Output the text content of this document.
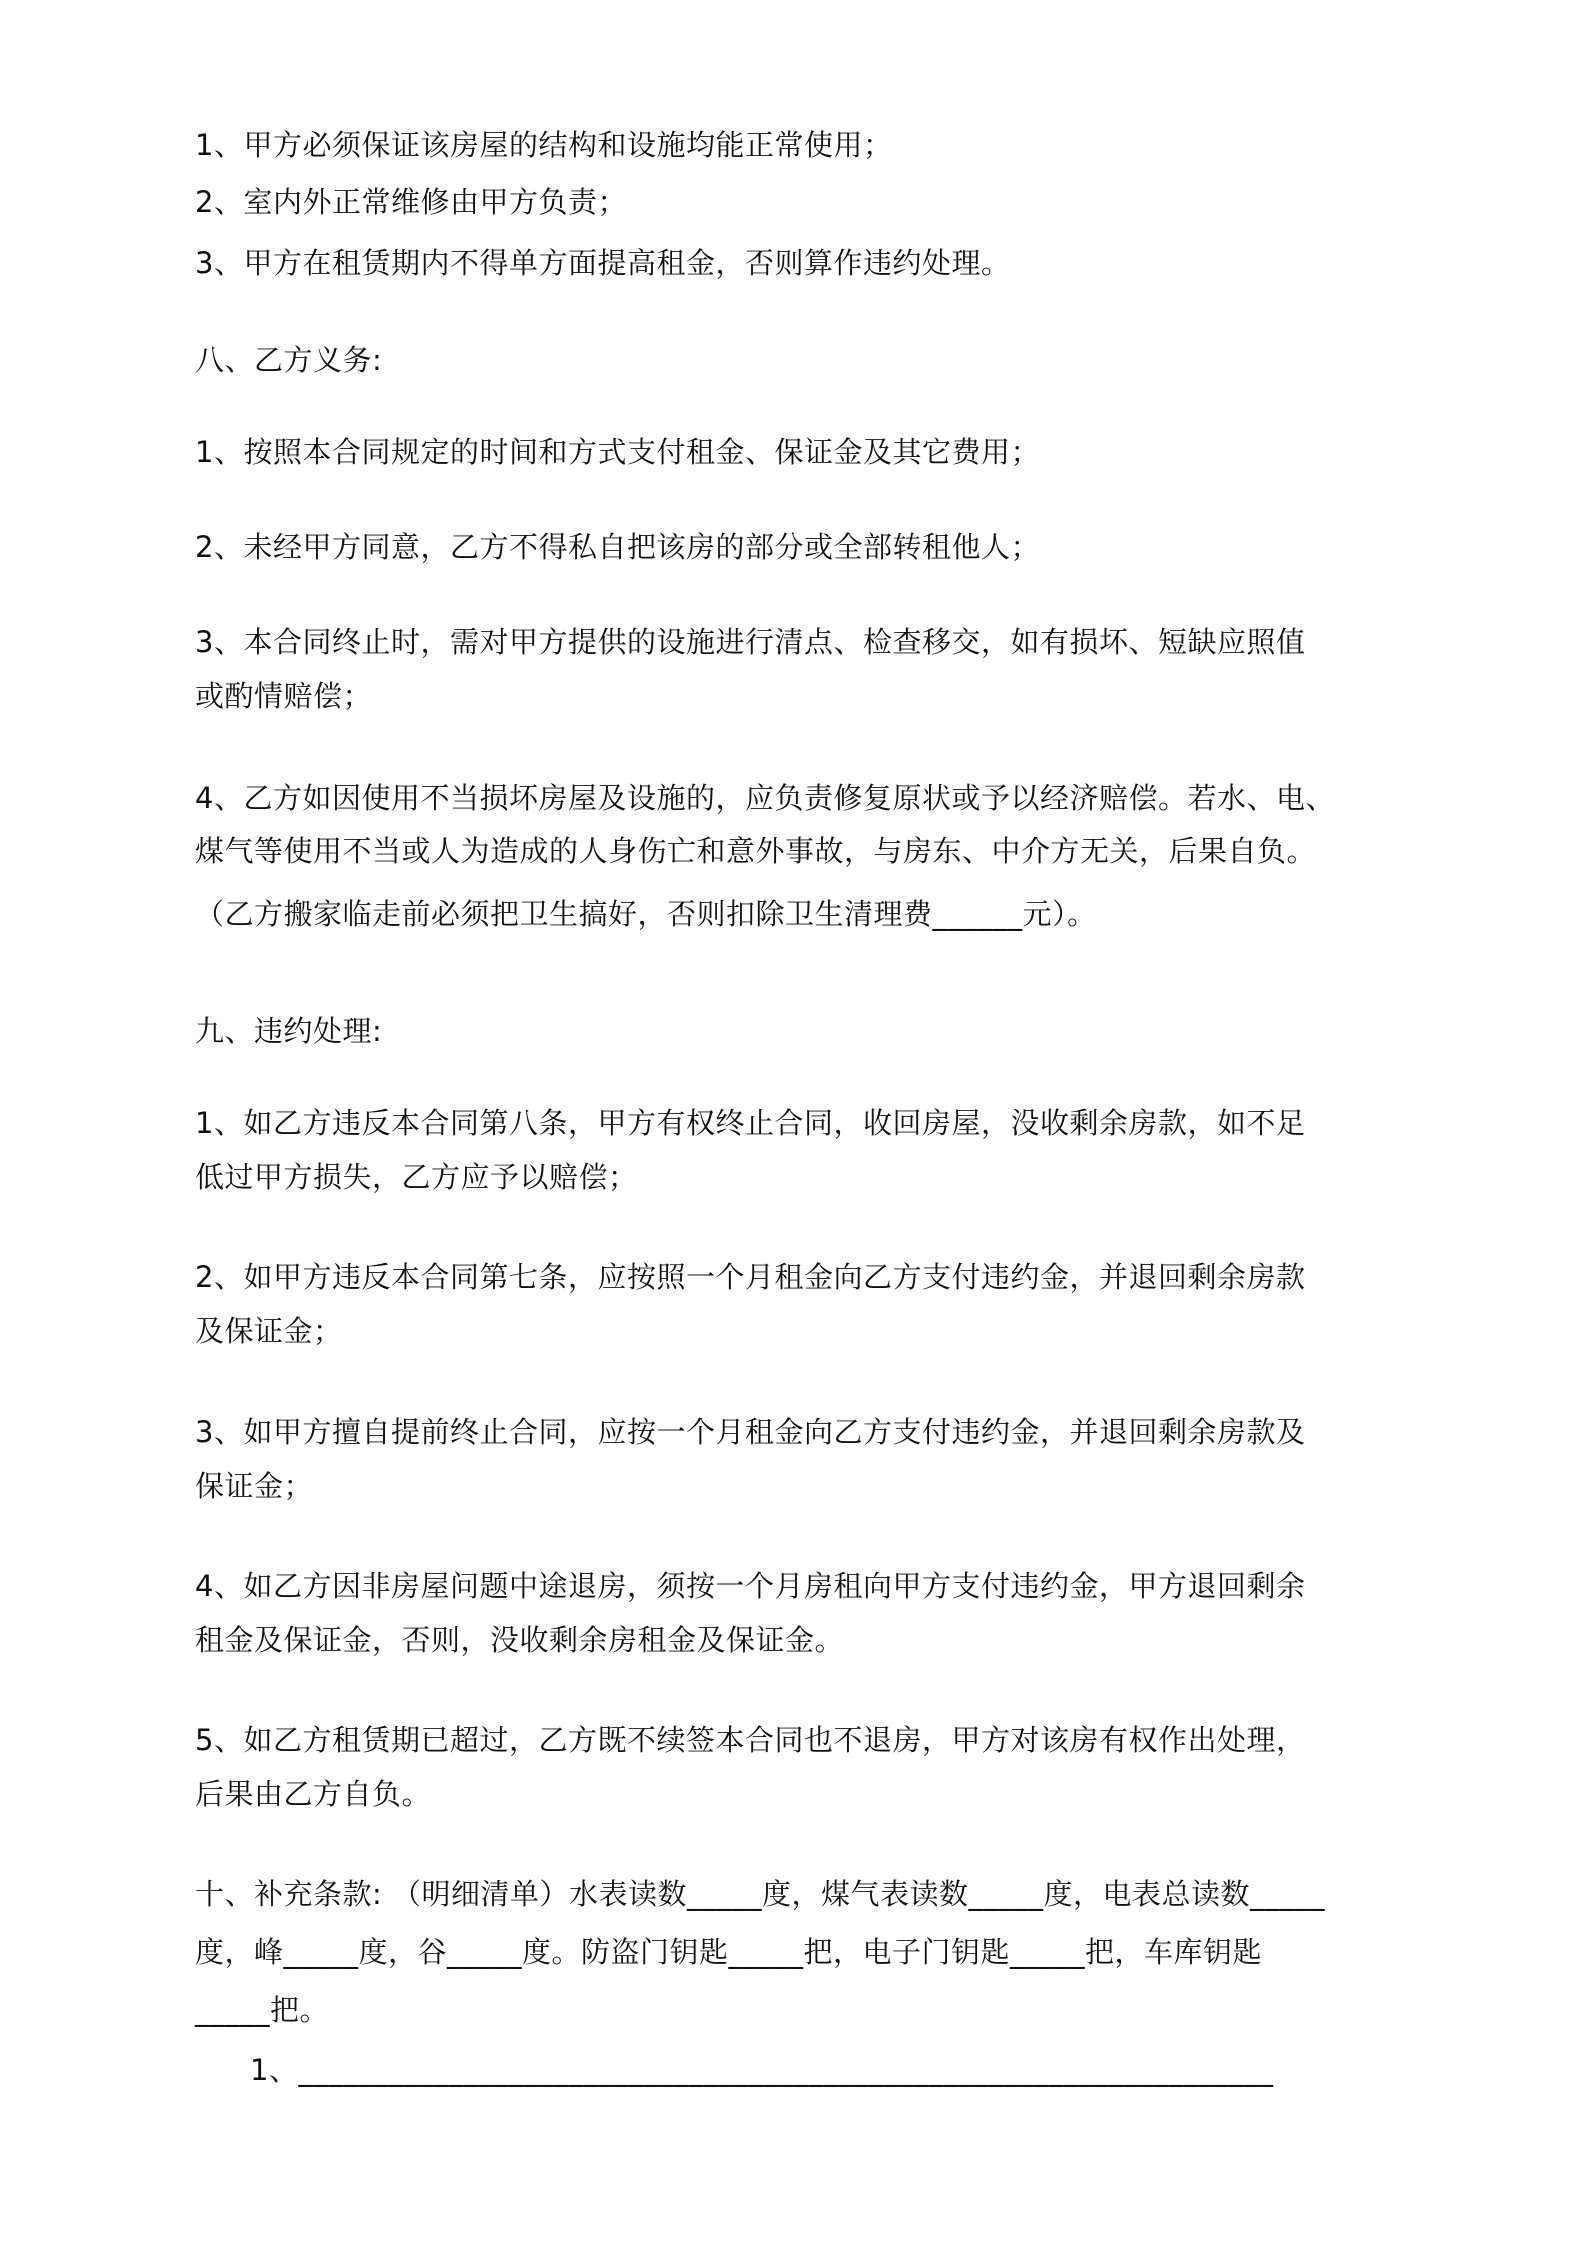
1、甲方必须保证该房屋的结构和设施均能正常使用；
2、室内外正常维修由甲方负责；
3、甲方在租赁期内不得单方面提高租金，否则算作违约处理。
八、乙方义务:
1、按照本合同规定的时间和方式支付租金、保证金及其它费用；
2、未经甲方同意，乙方不得私自把该房的部分或全部转租他人；
3、本合同终止时，需对甲方提供的设施进行清点、检查移交，如有损坏、短缺应照值
或酌情赔偿；
4、乙方如因使用不当损坏房屋及设施的，应负责修复原状或予以经济赔偿。若水、电、
煤气等使用不当或人为造成的人身伤亡和意外事故，与房东、中介方无关，后果自负。
（乙方搬家临走前必须把卫生搞好，否则扣除卫生清理费______元）。
九、违约处理:
1、如乙方违反本合同第八条，甲方有权终止合同，收回房屋，没收剩余房款，如不足
低过甲方损失，乙方应予以赔偿；
2、如甲方违反本合同第七条，应按照一个月租金向乙方支付违约金，并退回剩余房款
及保证金；
3、如甲方擅自提前终止合同，应按一个月租金向乙方支付违约金，并退回剩余房款及
保证金；
4、如乙方因非房屋问题中途退房，须按一个月房租向甲方支付违约金，甲方退回剩余
租金及保证金，否则，没收剩余房租金及保证金。
5、如乙方租赁期已超过，乙方既不续签本合同也不退房，甲方对该房有权作出处理，
后果由乙方自负。
十、补充条款: （明细清单）水表读数_____度，煤气表读数_____度，电表总读数_____
度，峰_____度，谷_____度。防盗门钥匙_____把，电子门钥匙_____把，车库钥匙
_____把。
1、_________________________________________________________________
